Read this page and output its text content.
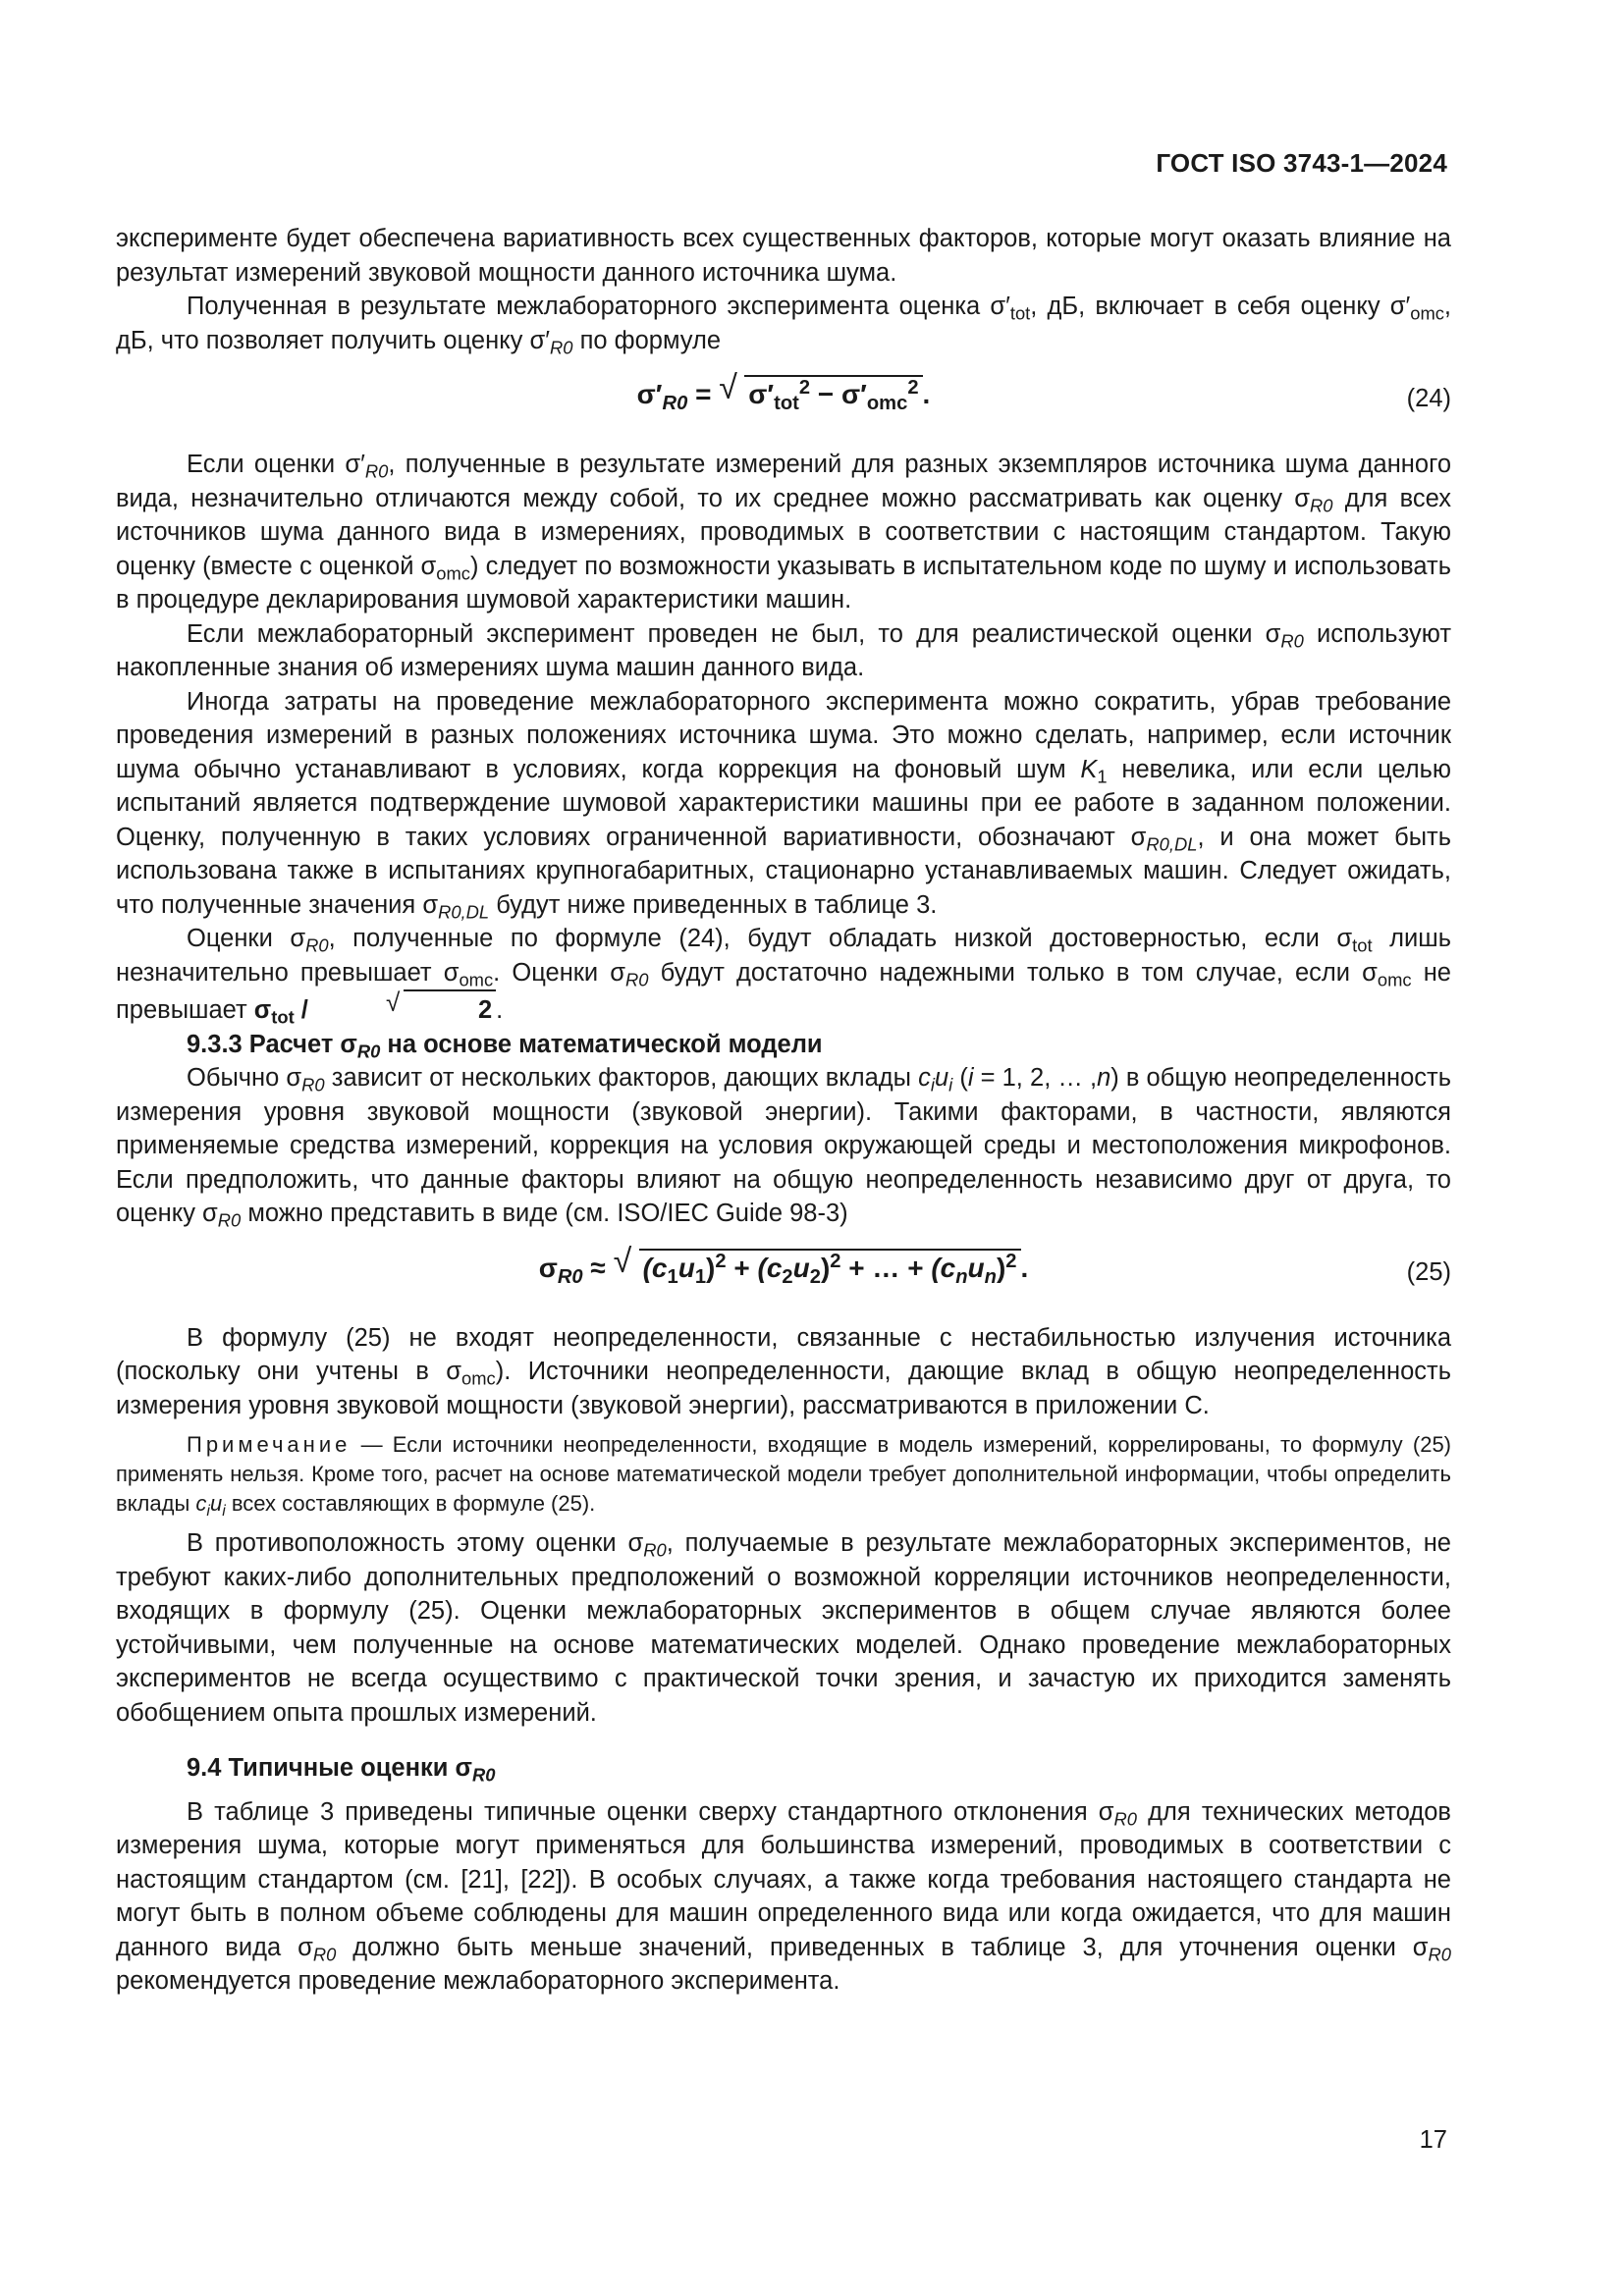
ГОСТ ISO 3743-1—2024

эксперименте будет обеспечена вариативность всех существенных факторов, которые могут оказать влияние на результат измерений звуковой мощности данного источника шума.

Полученная в результате межлабораторного эксперимента оценка $\sigma'_{tot}$, дБ, включает в себя оценку $\sigma'_{omc}$, дБ, что позволяет получить оценку $\sigma'_{R0}$ по формуле

$\sigma'_{R0}$ = √ $\sigma'_{tot}^2 - \sigma'_{omc}^2$ .	(24)

Если оценки $\sigma'_{R0}$, полученные в результате измерений для разных экземпляров источника шума данного вида, незначительно отличаются между собой, то их среднее можно рассматривать как оценку $\sigma_{R0}$ для всех источников шума данного вида в измерениях, проводимых в соответствии с настоящим стандартом. Такую оценку (вместе с оценкой $\sigma_{omc}$) следует по возможности указывать в испытательном коде по шуму и использовать в процедуре декларирования шумовой характеристики машин.

Если межлабораторный эксперимент проведен не был, то для реалистической оценки $\sigma_{R0}$ используют накопленные знания об измерениях шума машин данного вида.

Иногда затраты на проведение межлабораторного эксперимента можно сократить, убрав требование проведения измерений в разных положениях источника шума. Это можно сделать, например, если источник шума обычно устанавливают в условиях, когда коррекция на фоновый шум $K_1$ невелика, или если целью испытаний является подтверждение шумовой характеристики машины при ее работе в заданном положении. Оценку, полученную в таких условиях ограниченной вариативности, обозначают $\sigma_{R0,DL}$, и она может быть использована также в испытаниях крупногабаритных, стационарно устанавливаемых машин. Следует ожидать, что полученные значения $\sigma_{R0,DL}$ будут ниже приведенных в таблице 3.

Оценки $\sigma_{R0}$, полученные по формуле (24), будут обладать низкой достоверностью, если $\sigma_{tot}$ лишь незначительно превышает $\sigma_{omc}$. Оценки $\sigma_{R0}$ будут достаточно надежными только в том случае, если $\sigma_{omc}$ не превышает $\sigma_{tot}$ /	√	2 .

9.3.3 Расчет $\sigma_{R0}$ на основе математической модели

Обычно $\sigma_{R0}$ зависит от нескольких факторов, дающих вклады $c_iu_i$ (i = 1, 2, … ,n) в общую неопределенность измерения уровня звуковой мощности (звуковой энергии). Такими факторами, в частности, являются применяемые средства измерений, коррекция на условия окружающей среды и местоположения микрофонов. Если предположить, что данные факторы влияют на общую неопределенность независимо друг от друга, то оценку $\sigma_{R0}$ можно представить в виде (см. ISO/IEC Guide 98-3)

$\sigma_{R0}$ ≈ √ $(c_1u_1)^2 + (c_2u_2)^2$ + … + $(c_nu_n)^2$ .	(25)

В формулу (25) не входят неопределенности, связанные с нестабильностью излучения источника (поскольку они учтены в $\sigma_{omc}$). Источники неопределенности, дающие вклад в общую неопределенность измерения уровня звуковой мощности (звуковой энергии), рассматриваются в приложении C.

Примечание — Если источники неопределенности, входящие в модель измерений, коррелированы, то формулу (25) применять нельзя. Кроме того, расчет на основе математической модели требует дополнительной информации, чтобы определить вклады $c_iu_i$ всех составляющих в формуле (25).

В противоположность этому оценки $\sigma_{R0}$, получаемые в результате межлабораторных экспериментов, не требуют каких-либо дополнительных предположений о возможной корреляции источников неопределенности, входящих в формулу (25). Оценки межлабораторных экспериментов в общем случае являются более устойчивыми, чем полученные на основе математических моделей. Однако проведение межлабораторных экспериментов не всегда осуществимо с практической точки зрения, и зачастую их приходится заменять обобщением опыта прошлых измерений.

9.4 Типичные оценки $\sigma_{R0}$

В таблице 3 приведены типичные оценки сверху стандартного отклонения $\sigma_{R0}$ для технических методов измерения шума, которые могут применяться для большинства измерений, проводимых в соответствии с настоящим стандартом (см. [21], [22]). В особых случаях, а также когда требования настоящего стандарта не могут быть в полном объеме соблюдены для машин определенного вида или когда ожидается, что для машин данного вида $\sigma_{R0}$ должно быть меньше значений, приведенных в таблице 3, для уточнения оценки $\sigma_{R0}$ рекомендуется проведение межлабораторного эксперимента.

17
